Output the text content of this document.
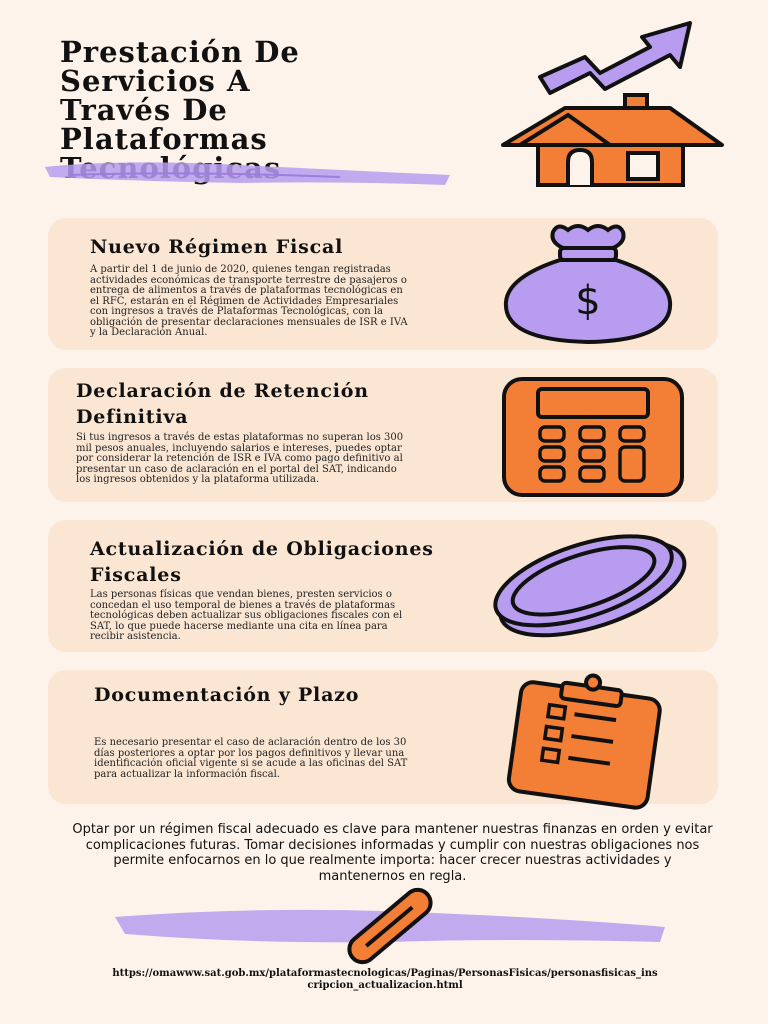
Prestación De
Servicios A
Través De
Plataformas

Nuevo Régimen Fiscal

A partir del 1 de junio de 2020, quienes tengan registradas actividades económicas de transporte terrestre de pasajeros o entrega de alimentos a través de plataformas tecnológicas en el RFC, estarán en el Régimen de Actividades Empresariales con ingresos a través de Plataformas Tecnológicas, con la obligación de presentar declaraciones mensuales de ISR e IVA y la Declaración Anual.

$
Declaración de Retención Definitiva

Si tus ingresos a través de estas plataformas no superan los 300 mil pesos anuales, incluyendo salarios e intereses, puedes optar por considerar la retención de ISR e IVA como pago definitivo al presentar un caso de aclaración en el portal del SAT, indicando los ingresos obtenidos y la plataforma utilizada.

Actualización de Obligaciones Fiscales

Las personas físicas que vendan bienes, presten servicios o concedan el uso temporal de bienes a través de plataformas tecnológicas deben actualizar sus obligaciones fiscales con el SAT, lo que puede hacerse mediante una cita en línea para recibir asistencia.

Documentación y Plazo

Es necesario presentar el caso de aclaración dentro de los 30 días posteriores a optar por los pagos definitivos y llevar una identificación oficial vigente si se acude a las oficinas del SAT para actualizar la información fiscal.

Optar por un régimen fiscal adecuado es clave para mantener nuestras finanzas en orden y evitar complicaciones futuras. Tomar decisiones informadas y cumplir con nuestras obligaciones nos permite enfocarnos en lo que realmente importa: hacer crecer nuestras actividades y mantenernos en regla.

https://omawww.sat.gob.mx/plataformastecnologicas/Paginas/PersonasFisicas/personasfisicas_inscripcion_actualizacion.html
